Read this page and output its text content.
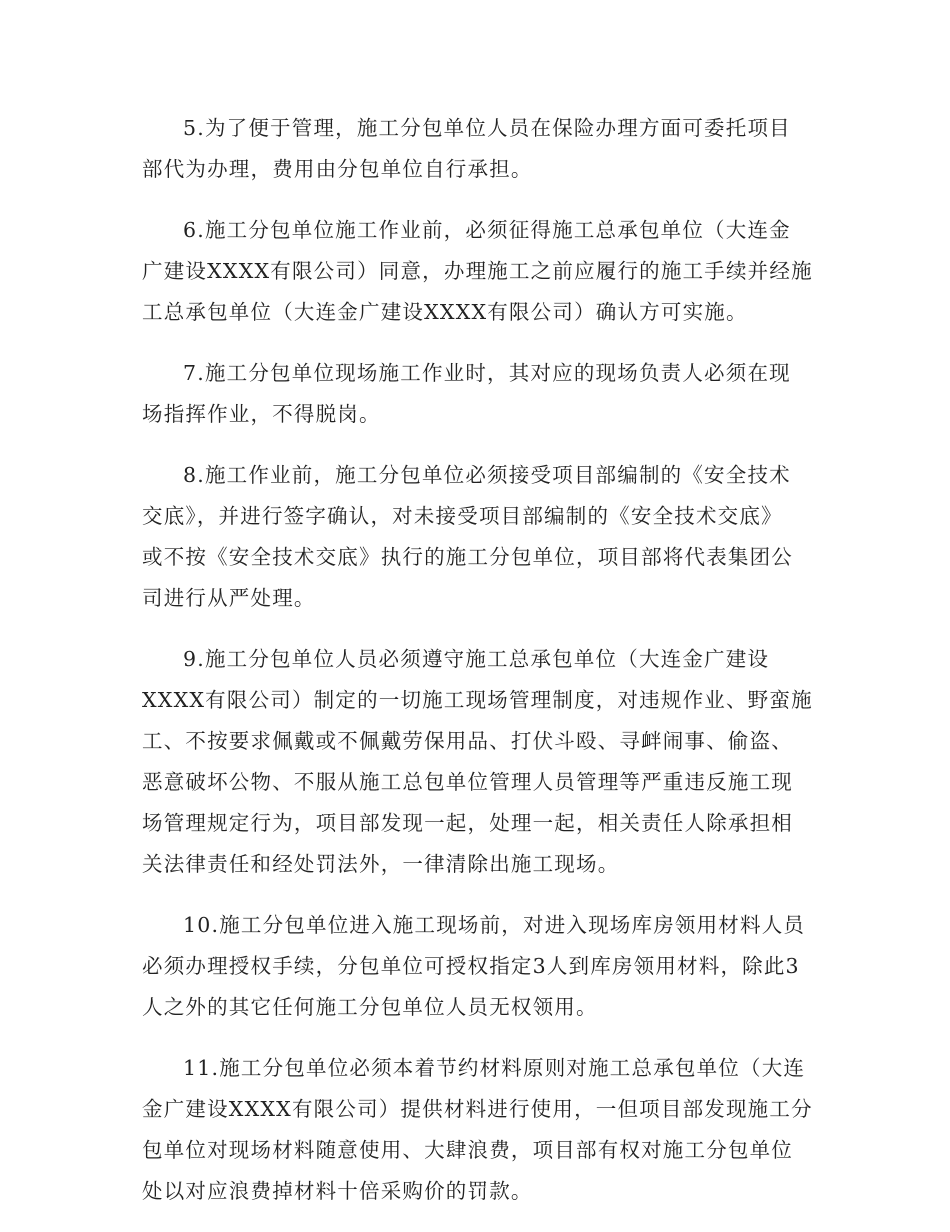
5.为了便于管理，施工分包单位人员在保险办理方面可委托项目
部代为办理，费用由分包单位自行承担。

6.施工分包单位施工作业前，必须征得施工总承包单位（大连金
广建设XXXX有限公司）同意，办理施工之前应履行的施工手续并经施
工总承包单位（大连金广建设XXXX有限公司）确认方可实施。

7.施工分包单位现场施工作业时，其对应的现场负责人必须在现
场指挥作业，不得脱岗。

8.施工作业前，施工分包单位必须接受项目部编制的《安全技术
交底》，并进行签字确认，对未接受项目部编制的《安全技术交底》
或不按《安全技术交底》执行的施工分包单位，项目部将代表集团公
司进行从严处理。

9.施工分包单位人员必须遵守施工总承包单位（大连金广建设
XXXX有限公司）制定的一切施工现场管理制度，对违规作业、野蛮施
工、不按要求佩戴或不佩戴劳保用品、打伏斗殴、寻衅闹事、偷盗、
恶意破坏公物、不服从施工总包单位管理人员管理等严重违反施工现
场管理规定行为，项目部发现一起，处理一起，相关责任人除承担相
关法律责任和经处罚法外，一律清除出施工现场。

10.施工分包单位进入施工现场前，对进入现场库房领用材料人员
必须办理授权手续，分包单位可授权指定3人到库房领用材料，除此3
人之外的其它任何施工分包单位人员无权领用。

11.施工分包单位必须本着节约材料原则对施工总承包单位（大连
金广建设XXXX有限公司）提供材料进行使用，一但项目部发现施工分
包单位对现场材料随意使用、大肆浪费，项目部有权对施工分包单位
处以对应浪费掉材料十倍采购价的罚款。
